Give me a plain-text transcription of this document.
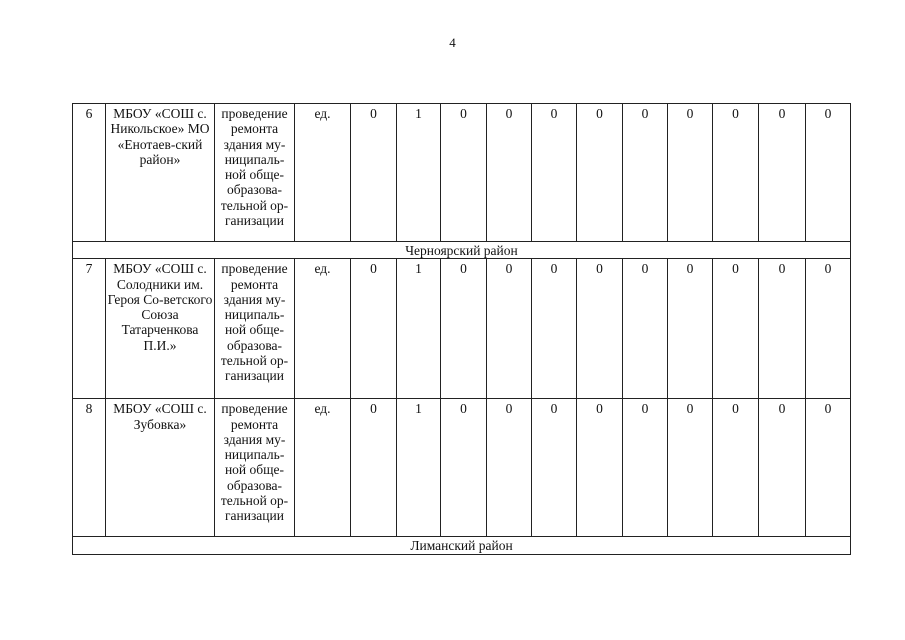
4
6	МБОУ «СОШ с. Никольское» МО «Енотаев-ский район»	проведение ремонта здания му-ниципаль-ной обще-образова-тельной ор-ганизации	ед.	0	1	0	0	0	0	0	0	0	0	0
Черноярский район														
7	МБОУ «СОШ с. Солодники им. Героя Со-ветского Союза Татарченкова П.И.»	проведение ремонта здания му-ниципаль-ной обще-образова-тельной ор-ганизации	ед.	0	1	0	0	0	0	0	0	0	0	0
8	МБОУ «СОШ с. Зубовка»	проведение ремонта здания му-ниципаль-ной обще-образова-тельной ор-ганизации	ед.	0	1	0	0	0	0	0	0	0	0	0
Лиманский район														
